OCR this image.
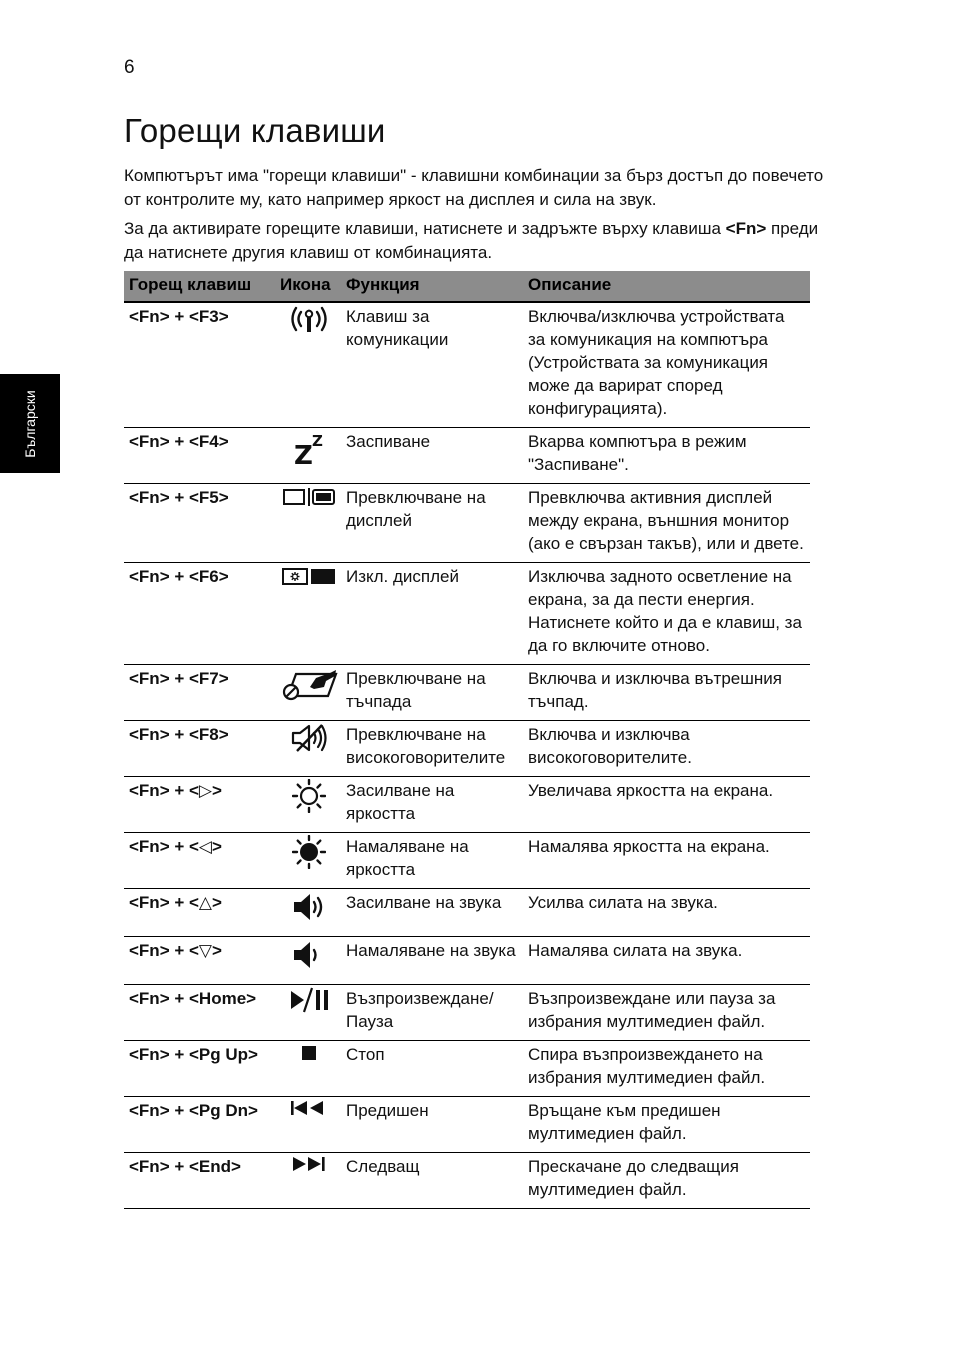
6
Български
Горещи клавиши

Компютърът има "горещи клавиши" - клавишни комбинации за бърз достъп до повечето от контролите му, като например яркост на дисплея и сила на звук.

За да активирате горещите клавиши, натиснете и задръжте върху клавиша <Fn> преди да натиснете другия клавиш от комбинацията.

Горещ клавиш	Икона	Функция	Описание
<Fn> + <F3>		Клавиш за комуникации	Включва/изключва устройствата за комуникация на компютъра (Устройствата за комуникация може да варират според конфигурацията).
<Fn> + <F4>	Z Z	Заспиване	Вкарва компютъра в режим "Заспиване".
<Fn> + <F5>		Превключване на дисплей	Превключва активния дисплей между екрана, външния монитор (ако е свързан такъв), или и двете.
<Fn> + <F6>		Изкл. дисплей	Изключва задното осветление на екрана, за да пести енергия. Натиснете който и да е клавиш, за да го включите отново.
<Fn> + <F7>		Превключване на тъчпада	Включва и изключва вътрешния тъчпад.
<Fn> + <F8>		Превключване на високоговорителите	Включва и изключва високоговорителите.
<Fn> + <▷>		Засилване на яркостта	Увеличава яркостта на екрана.
<Fn> + <◁>		Намаляване на яркостта	Намалява яркостта на екрана.
<Fn> + <△>		Засилване на звука	Усилва силата на звука.
<Fn> + <▽>		Намаляване на звука	Намалява силата на звука.
<Fn> + <Home>		Възпроизвеждане/ Пауза	Възпроизвеждане или пауза за избрания мултимедиен файл.
<Fn> + <Pg Up>		Стоп	Спира възпроизвеждането на избрания мултимедиен файл.
<Fn> + <Pg Dn>		Предишен	Връщане към предишен мултимедиен файл.
<Fn> + <End>		Следващ	Прескачане до следващия мултимедиен файл.
